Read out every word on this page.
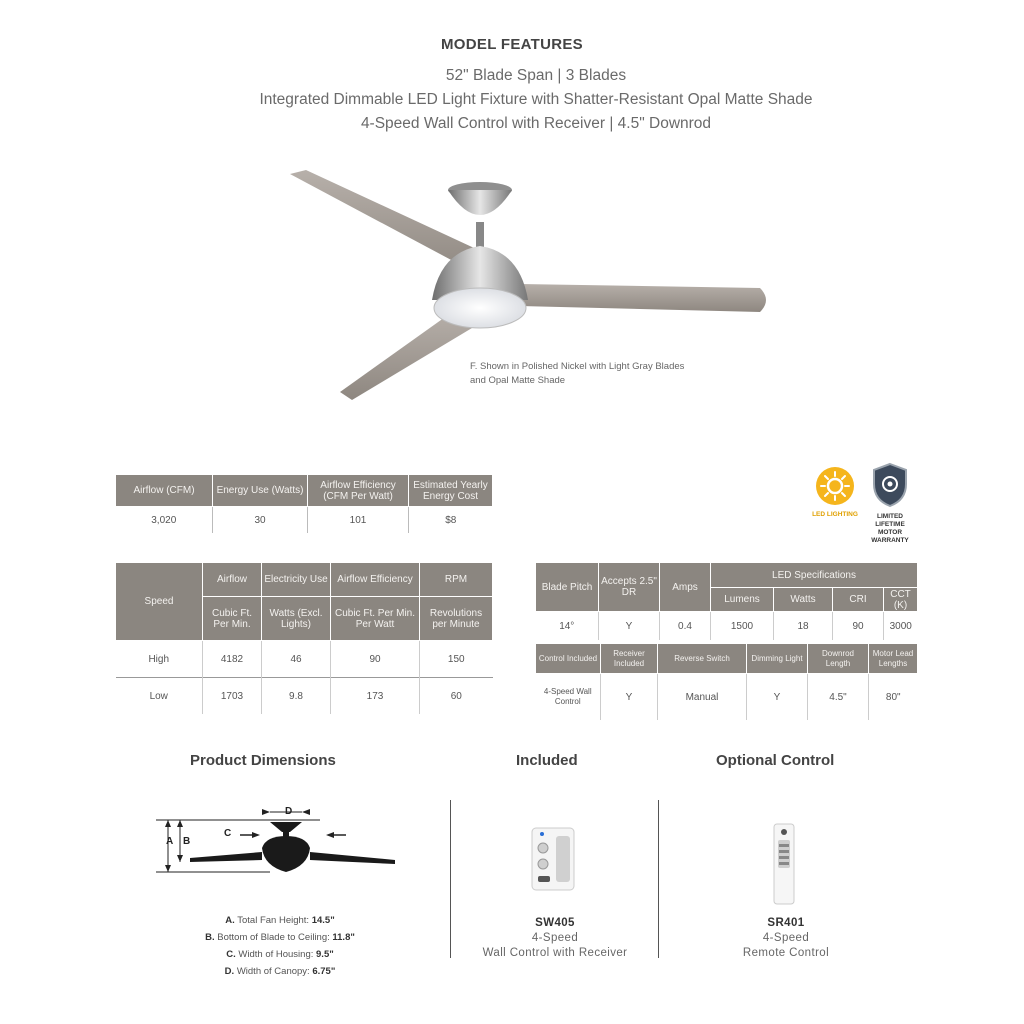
MODEL FEATURES
52" Blade Span | 3 Blades
Integrated Dimmable LED Light Fixture with Shatter-Resistant Opal Matte Shade
4-Speed Wall Control with Receiver | 4.5" Downrod
F. Shown in Polished Nickel with Light Gray Blades
and Opal Matte Shade
Airflow (CFM)	Energy Use (Watts)	Airflow Efficiency (CFM Per Watt)	Estimated Yearly Energy Cost
3,020	30	101	$8	LED LIGHTING	LIMITED LIFETIME MOTOR WARRANTY
Speed	Airflow	Electricity Use	Airflow Efficiency	RPM
	Cubic Ft. Per Min.	Watts (Excl. Lights)	Cubic Ft. Per Min. Per Watt	Revolutions per Minute
High	4182	46	90	150
Low	1703	9.8	173	60
Blade Pitch	Accepts 2.5" DR	Amps	LED Specifications			
			Lumens	Watts	CRI	CCT (K)
14°	Y	0.4	1500	18	90	3000
Control Included	Receiver Included	Reverse Switch	Dimming Light	Downrod Length	Motor Lead Lengths
4-Speed Wall Control	Y	Manual	Y	4.5"	80"
Product Dimensions	Included	Optional Control
A B
C
D
A. Total Fan Height: 14.5"
B. Bottom of Blade to Ceiling: 11.8"
C. Width of Housing: 9.5"
D. Width of Canopy: 6.75"
SW405
4-Speed
Wall Control with Receiver
SR401
4-Speed
Remote Control
